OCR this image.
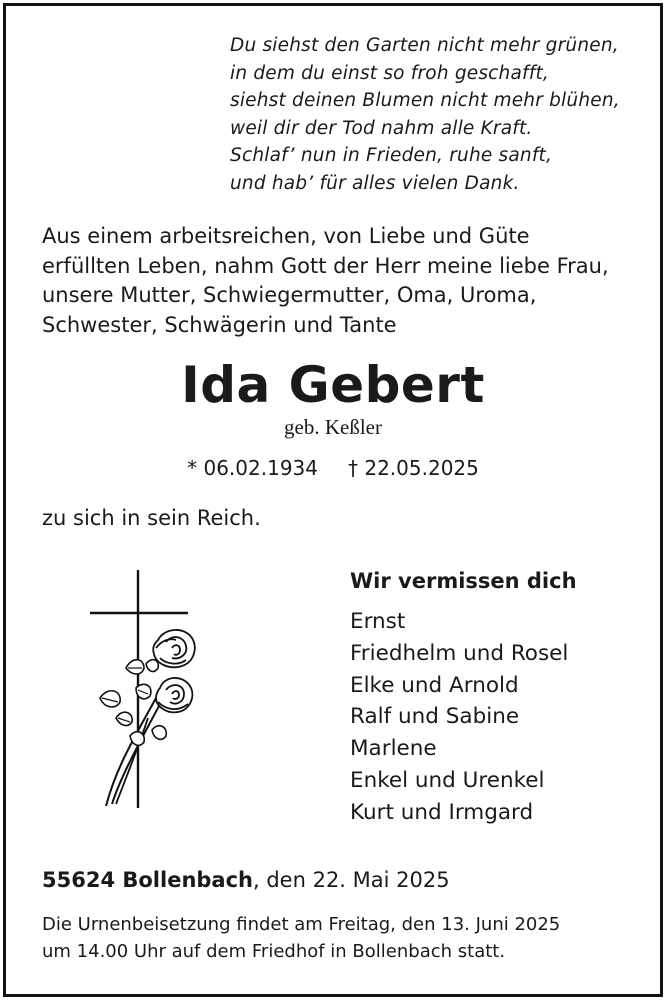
Du siehst den Garten nicht mehr grünen,
in dem du einst so froh geschafft,
siehst deinen Blumen nicht mehr blühen,
weil dir der Tod nahm alle Kraft.
Schlaf’ nun in Frieden, ruhe sanft,
und hab’ für alles vielen Dank.
Aus einem arbeitsreichen, von Liebe und Güte
erfüllten Leben, nahm Gott der Herr meine liebe Frau,
unsere Mutter, Schwiegermutter, Oma, Uroma,
Schwester, Schwägerin und Tante
Ida Gebert
geb. Keßler
* 06.02.1934 † 22.05.2025
zu sich in sein Reich.
Wir vermissen dich
Ernst
Friedhelm und Rosel
Elke und Arnold
Ralf und Sabine
Marlene
Enkel und Urenkel
Kurt und Irmgard
55624 Bollenbach, den 22. Mai 2025
Die Urnenbeisetzung findet am Freitag, den 13. Juni 2025
um 14.00 Uhr auf dem Friedhof in Bollenbach statt.
